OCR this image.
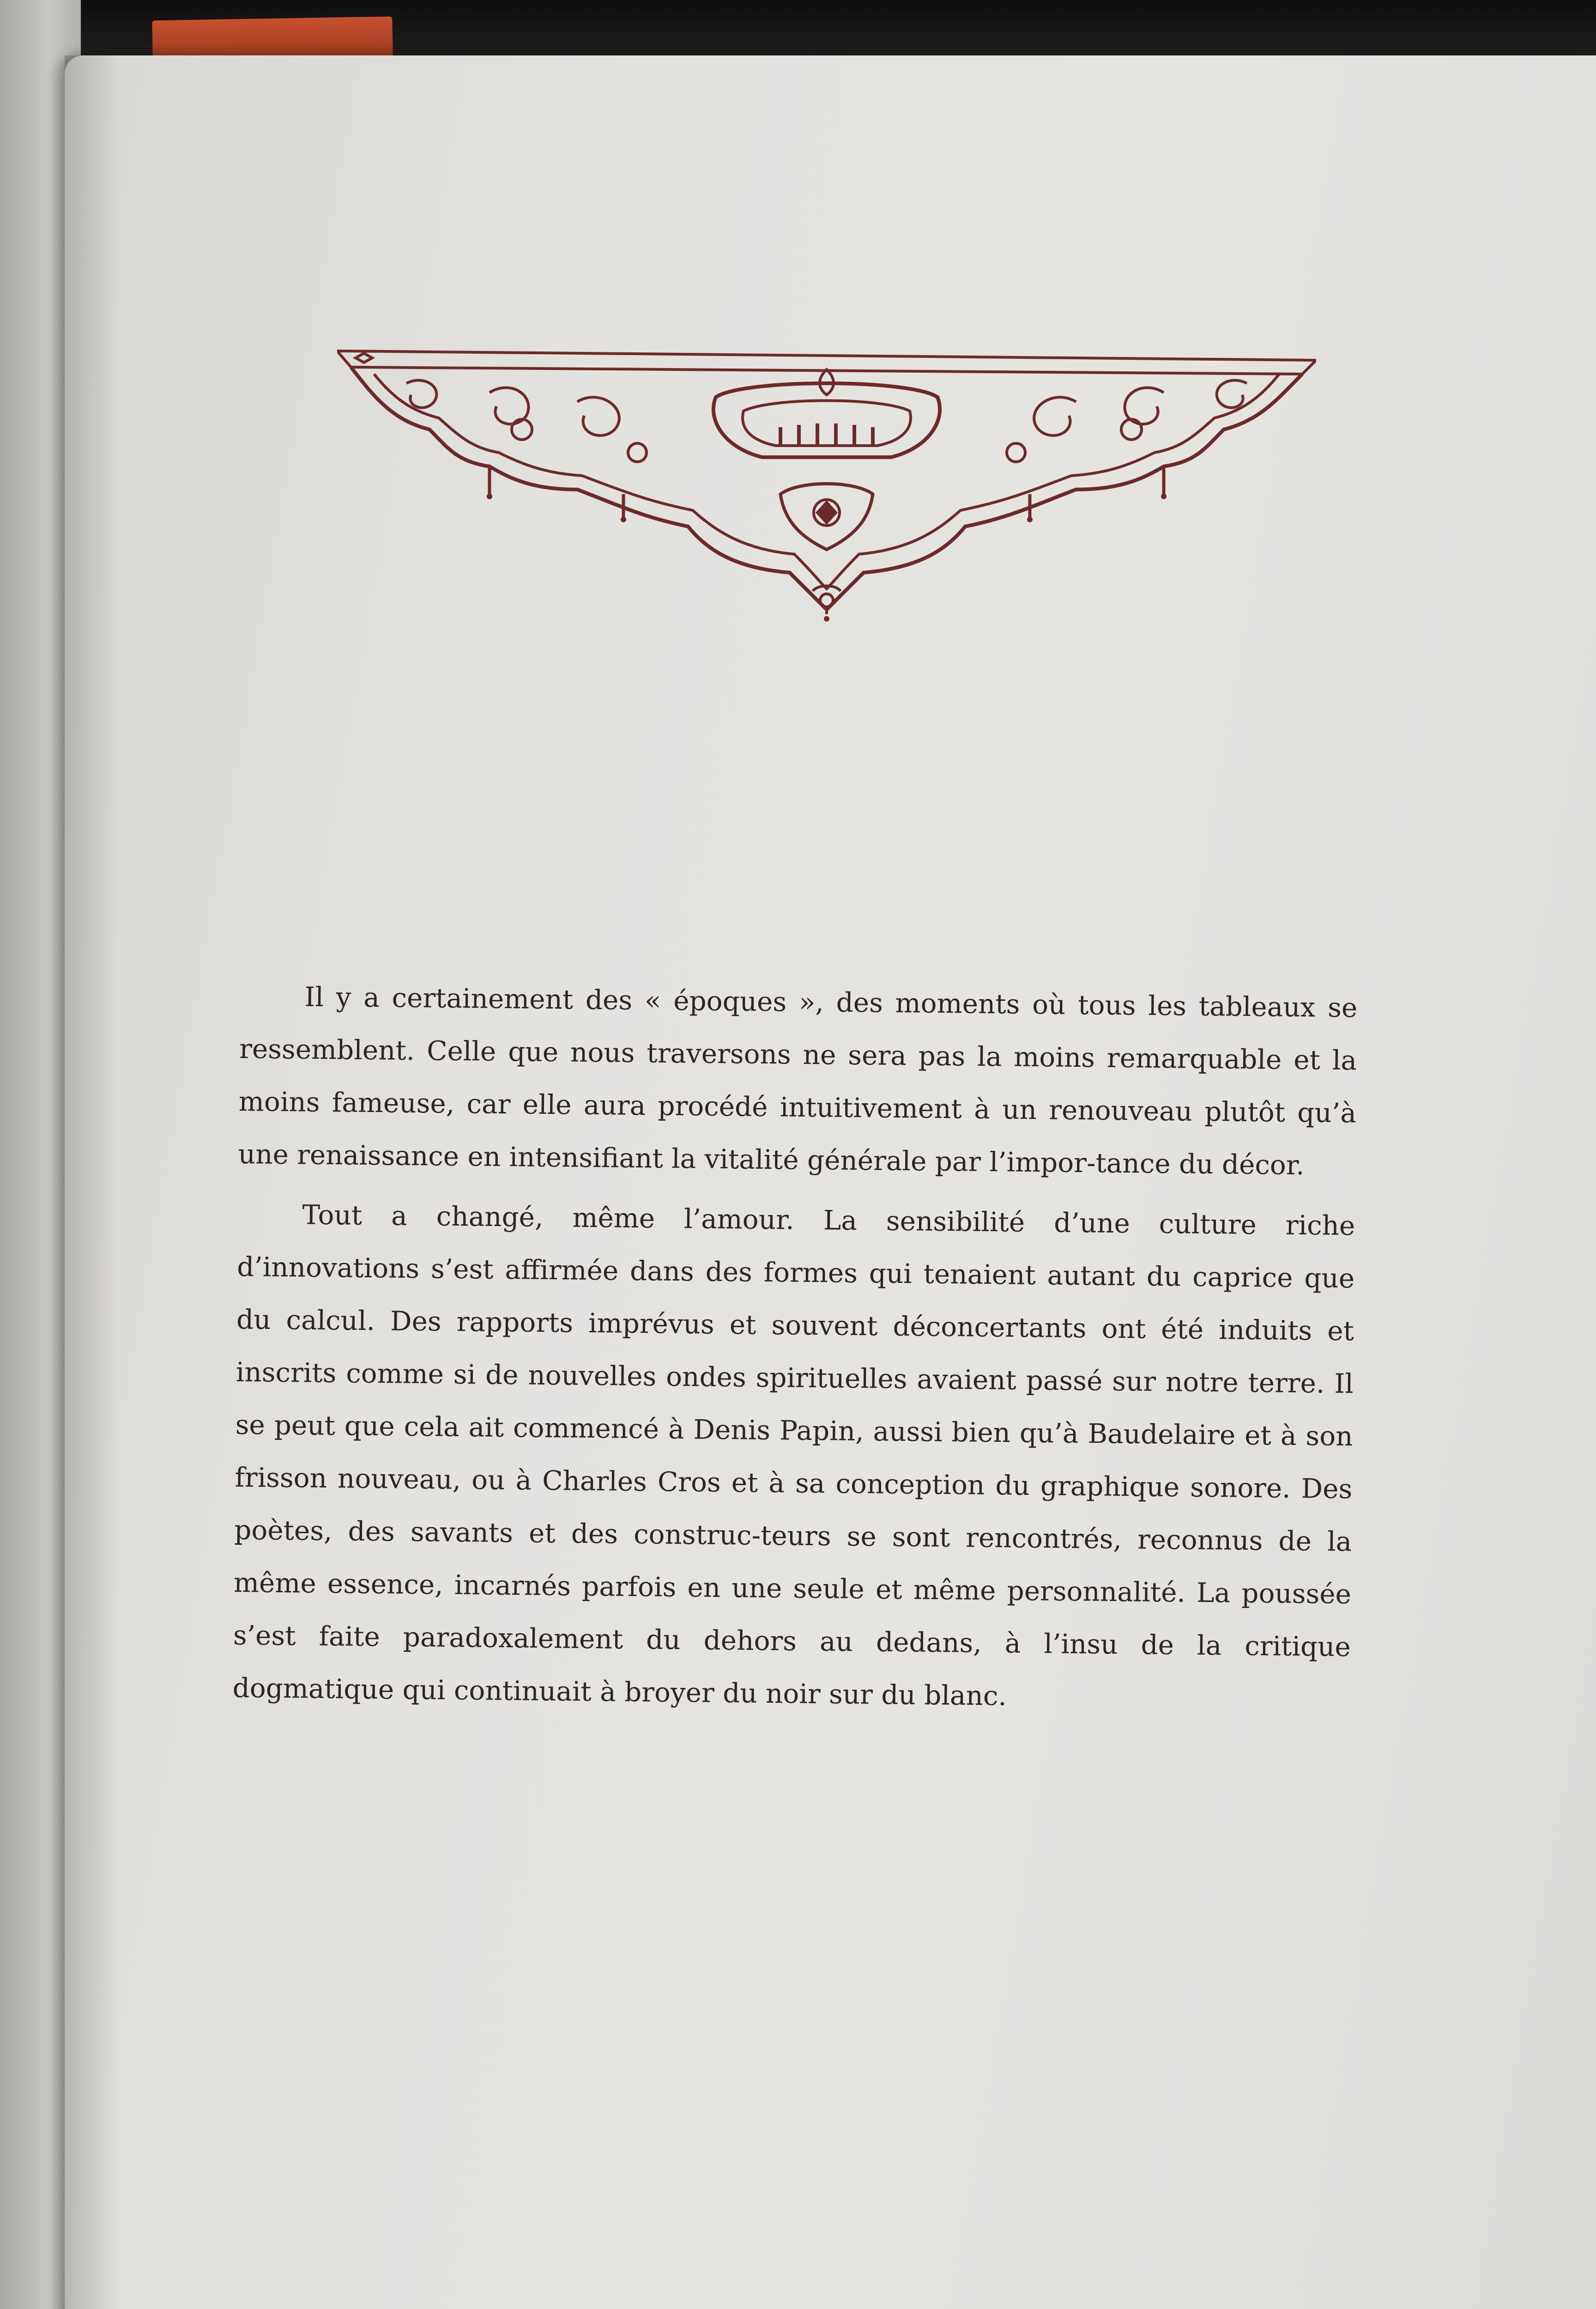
Il y a certainement des « époques », des moments où tous les tableaux se ressemblent. Celle que nous traversons ne sera pas la moins remarquable et la moins fameuse, car elle aura procédé intuitivement à un renouveau plutôt qu’à une renaissance en intensifiant la vitalité générale par l’impor-tance du décor.

Tout a changé, même l’amour. La sensibilité d’une culture riche d’innovations s’est affirmée dans des formes qui tenaient autant du caprice que du calcul. Des rapports imprévus et souvent déconcertants ont été induits et inscrits comme si de nouvelles ondes spirituelles avaient passé sur notre terre. Il se peut que cela ait commencé à Denis Papin, aussi bien qu’à Baudelaire et à son frisson nouveau, ou à Charles Cros et à sa conception du graphique sonore. Des poètes, des savants et des construc-teurs se sont rencontrés, reconnus de la même essence, incarnés parfois en une seule et même personnalité. La poussée s’est faite paradoxalement du dehors au dedans, à l’insu de la critique dogmatique qui continuait à broyer du noir sur du blanc.
